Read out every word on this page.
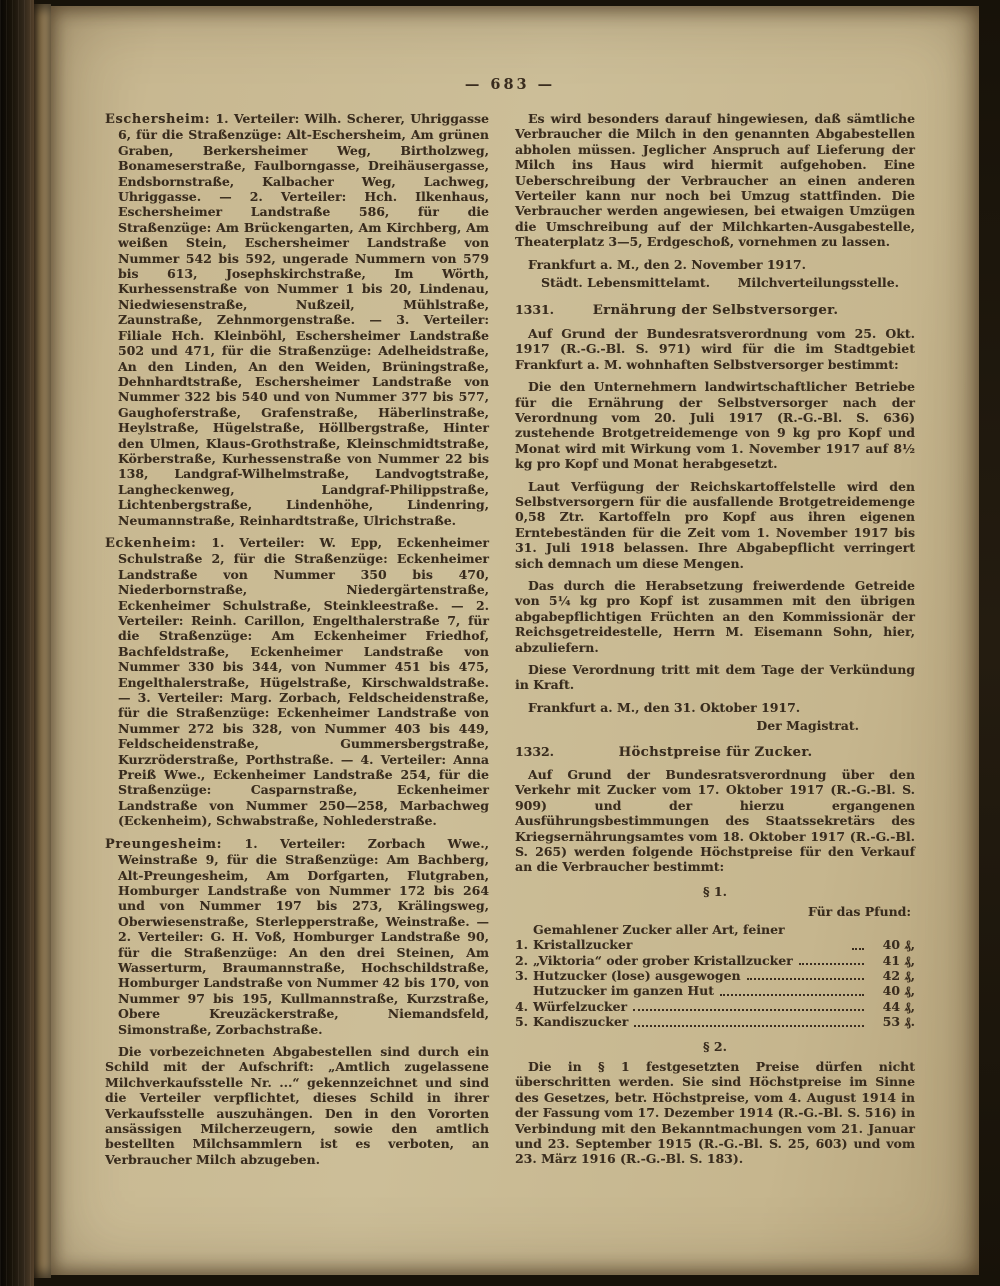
— 683 —

Eschersheim: 1. Verteiler: Wilh. Scherer, Uhriggasse 6, für die Straßenzüge: Alt-Eschersheim, Am grünen Graben, Berkersheimer Weg, Birtholzweg, Bonameserstraße, Faulborngasse, Dreihäusergasse, Endsbornstraße, Kalbacher Weg, Lachweg, Uhriggasse. — 2. Verteiler: Hch. Ilkenhaus, Eschersheimer Landstraße 586, für die Straßenzüge: Am Brückengarten, Am Kirchberg, Am weißen Stein, Eschersheimer Landstraße von Nummer 542 bis 592, ungerade Nummern von 579 bis 613, Josephskirchstraße, Im Wörth, Kurhessenstraße von Nummer 1 bis 20, Lindenau, Niedwiesenstraße, Nußzeil, Mühlstraße, Zaunstraße, Zehnmorgenstraße. — 3. Verteiler: Filiale Hch. Kleinböhl, Eschersheimer Landstraße 502 und 471, für die Straßenzüge: Adelheidstraße, An den Linden, An den Weiden, Brüningstraße, Dehnhardtstraße, Eschersheimer Landstraße von Nummer 322 bis 540 und von Nummer 377 bis 577, Gaughoferstraße, Grafenstraße, Häberlinstraße, Heylstraße, Hügelstraße, Höllbergstraße, Hinter den Ulmen, Klaus-Grothstraße, Kleinschmidtstraße, Körberstraße, Kurhessenstraße von Nummer 22 bis 138, Landgraf-Wilhelmstraße, Landvogtstraße, Langheckenweg, Landgraf-Philippstraße, Lichtenbergstraße, Lindenhöhe, Lindenring, Neumannstraße, Reinhardtstraße, Ulrichstraße.

Eckenheim: 1. Verteiler: W. Epp, Eckenheimer Schulstraße 2, für die Straßenzüge: Eckenheimer Landstraße von Nummer 350 bis 470, Niederbornstraße, Niedergärtenstraße, Eckenheimer Schulstraße, Steinkleestraße. — 2. Verteiler: Reinh. Carillon, Engelthalerstraße 7, für die Straßenzüge: Am Eckenheimer Friedhof, Bachfeldstraße, Eckenheimer Landstraße von Nummer 330 bis 344, von Nummer 451 bis 475, Engelthalerstraße, Hügelstraße, Kirschwaldstraße. — 3. Verteiler: Marg. Zorbach, Feldscheidenstraße, für die Straßenzüge: Eckenheimer Landstraße von Nummer 272 bis 328, von Nummer 403 bis 449, Feldscheidenstraße, Gummersbergstraße, Kurzröderstraße, Porthstraße. — 4. Verteiler: Anna Preiß Wwe., Eckenheimer Landstraße 254, für die Straßenzüge: Casparnstraße, Eckenheimer Landstraße von Nummer 250—258, Marbachweg (Eckenheim), Schwabstraße, Nohlederstraße.

Preungesheim: 1. Verteiler: Zorbach Wwe., Weinstraße 9, für die Straßenzüge: Am Bachberg, Alt-Preungesheim, Am Dorfgarten, Flutgraben, Homburger Landstraße von Nummer 172 bis 264 und von Nummer 197 bis 273, Krälingsweg, Oberwiesenstraße, Sterlepperstraße, Weinstraße. — 2. Verteiler: G. H. Voß, Homburger Landstraße 90, für die Straßenzüge: An den drei Steinen, Am Wasserturm, Braumannstraße, Hochschildstraße, Homburger Landstraße von Nummer 42 bis 170, von Nummer 97 bis 195, Kullmannstraße, Kurzstraße, Obere Kreuzäckerstraße, Niemandsfeld, Simonstraße, Zorbachstraße.

Die vorbezeichneten Abgabestellen sind durch ein Schild mit der Aufschrift: „Amtlich zugelassene Milchverkaufsstelle Nr. ...“ gekennzeichnet und sind die Verteiler verpflichtet, dieses Schild in ihrer Verkaufsstelle auszuhängen. Den in den Vororten ansässigen Milcherzeugern, sowie den amtlich bestellten Milchsammlern ist es verboten, an Verbraucher Milch abzugeben.

Es wird besonders darauf hingewiesen, daß sämtliche Verbraucher die Milch in den genannten Abgabestellen abholen müssen. Jeglicher Anspruch auf Lieferung der Milch ins Haus wird hiermit aufgehoben. Eine Ueberschreibung der Verbraucher an einen anderen Verteiler kann nur noch bei Umzug stattfinden. Die Verbraucher werden angewiesen, bei etwaigen Umzügen die Umschreibung auf der Milchkarten-Ausgabestelle, Theaterplatz 3—5, Erdgeschoß, vornehmen zu lassen.

Frankfurt a. M., den 2. November 1917.

Städt. Lebensmittelamt. Milchverteilungsstelle.
1331.	Ernährung der Selbstversorger.

Auf Grund der Bundesratsverordnung vom 25. Okt. 1917 (R.-G.-Bl. S. 971) wird für die im Stadtgebiet Frankfurt a. M. wohnhaften Selbstversorger bestimmt:

Die den Unternehmern landwirtschaftlicher Betriebe für die Ernährung der Selbstversorger nach der Verordnung vom 20. Juli 1917 (R.-G.-Bl. S. 636) zustehende Brotgetreidemenge von 9 kg pro Kopf und Monat wird mit Wirkung vom 1. November 1917 auf 8½ kg pro Kopf und Monat herabgesetzt.

Laut Verfügung der Reichskartoffelstelle wird den Selbstversorgern für die ausfallende Brotgetreidemenge 0,58 Ztr. Kartoffeln pro Kopf aus ihren eigenen Erntebeständen für die Zeit vom 1. November 1917 bis 31. Juli 1918 belassen. Ihre Abgabepflicht verringert sich demnach um diese Mengen.

Das durch die Herabsetzung freiwerdende Getreide von 5¼ kg pro Kopf ist zusammen mit den übrigen abgabepflichtigen Früchten an den Kommissionär der Reichsgetreidestelle, Herrn M. Eisemann Sohn, hier, abzuliefern.

Diese Verordnung tritt mit dem Tage der Verkündung in Kraft.

Frankfurt a. M., den 31. Oktober 1917.

Der Magistrat.

1332.	Höchstpreise für Zucker.

Auf Grund der Bundesratsverordnung über den Verkehr mit Zucker vom 17. Oktober 1917 (R.-G.-Bl. S. 909) und der hierzu ergangenen Ausführungsbestimmungen des Staatssekretärs des Kriegsernährungsamtes vom 18. Oktober 1917 (R.-G.-Bl. S. 265) werden folgende Höchstpreise für den Verkauf an die Verbraucher bestimmt:

§ 1.

Für das Pfund:

1.
Gemahlener Zucker aller Art, feiner Kristallzucker	40 ₰,
2. „Viktoria“ oder grober Kristallzucker	41 ₰,
3. Hutzucker (lose) ausgewogen	42 ₰,
Hutzucker im ganzen Hut	40 ₰,
4. Würfelzucker	44 ₰,
5. Kandiszucker	53 ₰.

§ 2.

Die in § 1 festgesetzten Preise dürfen nicht überschritten werden. Sie sind Höchstpreise im Sinne des Gesetzes, betr. Höchstpreise, vom 4. August 1914 in der Fassung vom 17. Dezember 1914 (R.-G.-Bl. S. 516) in Verbindung mit den Bekanntmachungen vom 21. Januar und 23. September 1915 (R.-G.-Bl. S. 25, 603) und vom 23. März 1916 (R.-G.-Bl. S. 183).
